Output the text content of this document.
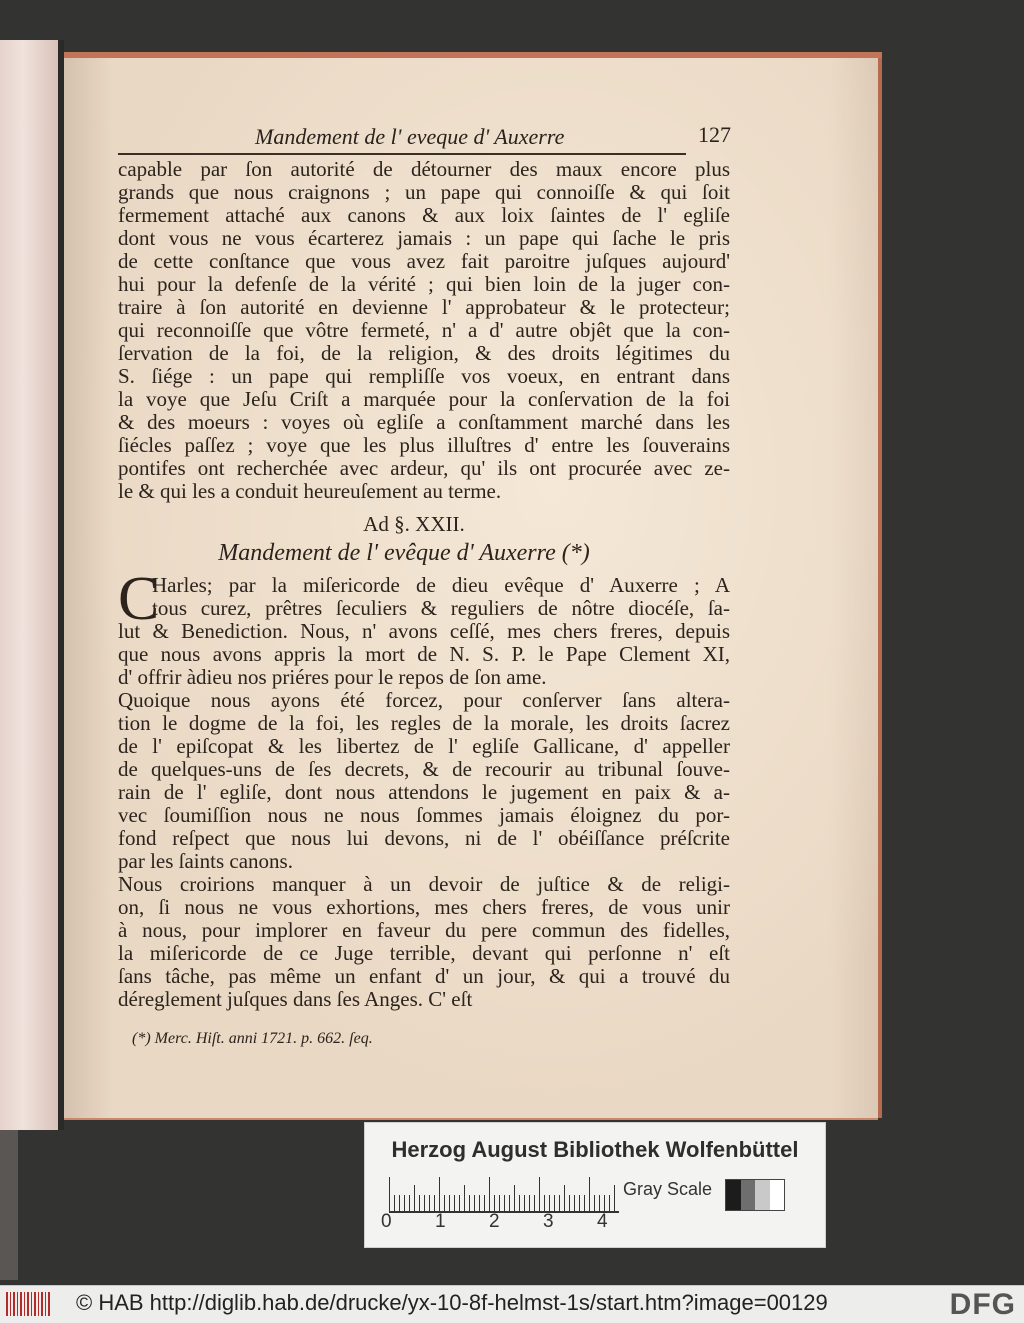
Mandement de l' eveque d' Auxerre	127
capable par ſon autorité de détourner des maux encore plus
grands que nous craignons ; un pape qui connoiſſe & qui ſoit
fermement attaché aux canons & aux loix ſaintes de l' egliſe
dont vous ne vous écarterez jamais : un pape qui ſache le pris
de cette conſtance que vous avez fait paroitre juſques aujourd'
hui pour la defenſe de la vérité ; qui bien loin de la juger con-
traire à ſon autorité en devienne l' approbateur & le protecteur;
qui reconnoiſſe que vôtre fermeté, n' a d' autre objêt que la con-
ſervation de la foi, de la religion, & des droits légitimes du
S. ſiége : un pape qui rempliſſe vos voeux, en entrant dans
la voye que Jeſu Criſt a marquée pour la conſervation de la foi
& des moeurs : voyes où egliſe a conſtamment marché dans les
ſiécles paſſez ; voye que les plus illuſtres d' entre les ſouverains
pontifes ont recherchée avec ardeur, qu' ils ont procurée avec ze-
le & qui les a conduit heureuſement au terme.
Ad §. XXII.
Mandement de l' evêque d' Auxerre (*)
C
Harles; par la miſericorde de dieu evêque d' Auxerre ; A
tous curez, prêtres ſeculiers & reguliers de nôtre diocéſe, ſa-
lut & Benediction. Nous, n' avons ceſſé, mes chers freres, depuis
que nous avons appris la mort de N. S. P. le Pape Clement XI,
d' offrir àdieu nos priéres pour le repos de ſon ame.
Quoique nous ayons été forcez, pour conſerver ſans altera-
tion le dogme de la foi, les regles de la morale, les droits ſacrez
de l' epiſcopat & les libertez de l' egliſe Gallicane, d' appeller
de quelques-uns de ſes decrets, & de recourir au tribunal ſouve-
rain de l' egliſe, dont nous attendons le jugement en paix & a-
vec ſoumiſſion nous ne nous ſommes jamais éloignez du por-
fond reſpect que nous lui devons, ni de l' obéiſſance préſcrite
par les ſaints canons.
Nous croirions manquer à un devoir de juſtice & de religi-
on, ſi nous ne vous exhortions, mes chers freres, de vous unir
à nous, pour implorer en faveur du pere commun des fidelles,
la miſericorde de ce Juge terrible, devant qui perſonne n' eſt
ſans tâche, pas même un enfant d' un jour, & qui a trouvé du
déreglement juſques dans ſes Anges. C' eſt
(*) Merc. Hiſt. anni 1721. p. 662. ſeq.
Herzog August Bibliothek Wolfenbüttel
0 1 2 3 4
Gray Scale
© HAB http://diglib.hab.de/drucke/yx-10-8f-helmst-1s/start.htm?image=00129	DFG
